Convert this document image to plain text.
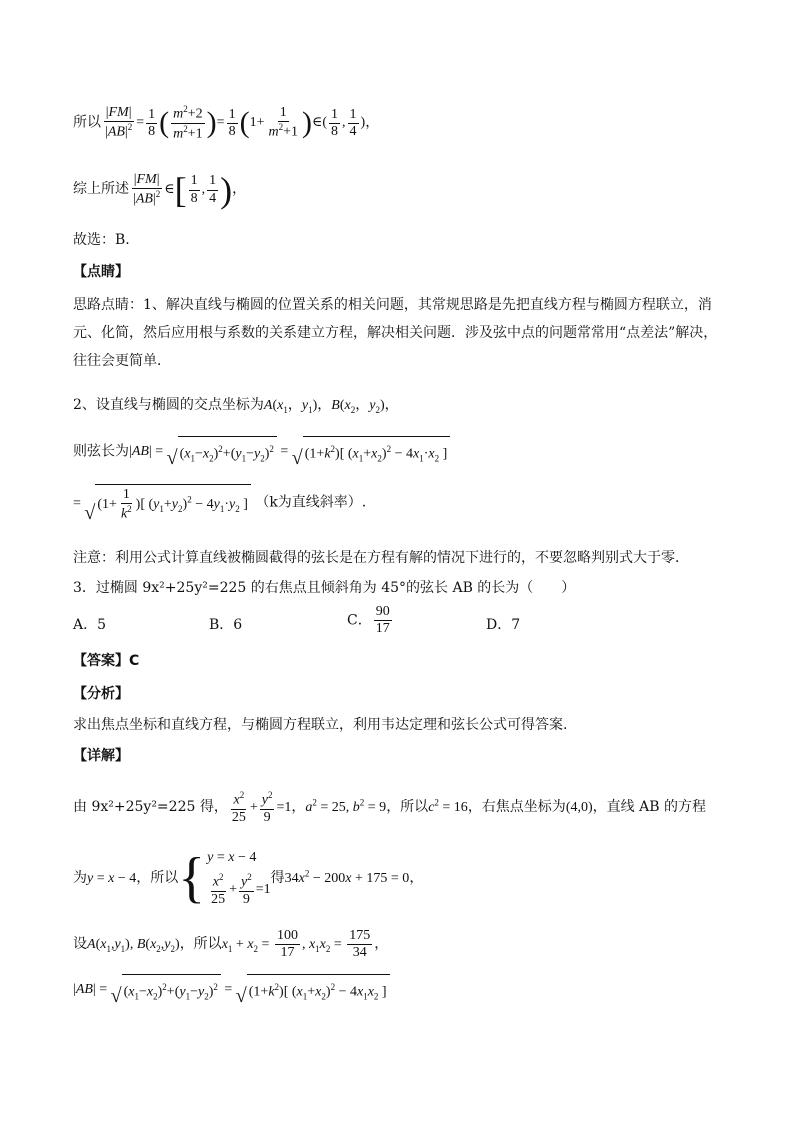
所以 $\frac{|FM|}{|AB|^2} = \frac{1}{8}$ ( $\frac{m^2+2}{m^2+1}$ )= $\frac{1}{8} (1+ \frac{1}{m^2+1}$ )∈( $\frac{1}{8}$ , $\frac{1}{4}$ )，
综上所述 $\frac{|FM|}{|AB|^2}$ ∈[ $\frac{1}{8}$ , $\frac{1}{4}$ )，
故选：B.
【点睛】
思路点睛：1、解决直线与椭圆的位置关系的相关问题，其常规思路是先把直线方程与椭圆方程联立，消元、化简，然后应用根与系数的关系建立方程，解决相关问题．涉及弦中点的问题常常用“点差法”解决，往往会更简单．
2、设直线与椭圆的交点坐标为$A(x_1$，$y_1$)，$B(x_2$，$y_2$)，
则弦长为|AB| = √ $(x_1-x_2)^2+(y_1-y_2)^2$ = √ $(1+k^2)$[ $(x_1+x_2)^2 - 4x_1\cdot x_2$ ]
= √ ($1+ \frac{1}{k^2}$ )[ $(y_1+y_2)^2 - 4y_1\cdot y_2$ ] （k为直线斜率）.
注意：利用公式计算直线被椭圆截得的弦长是在方程有解的情况下进行的，不要忽略判别式大于零．
3．过椭圆 9x²+25y²=225 的右焦点且倾斜角为 45°的弦长 AB 的长为（　　）
A．5	B．6	C． $\frac{90}{17}$	D．7
【答案】C
【分析】
求出焦点坐标和直线方程，与椭圆方程联立，利用韦达定理和弦长公式可得答案.
【详解】
由 9x²+25y²=225 得， $\frac{x^2}{25} + \frac{y^2}{9} =1$，$a^2 = 25$, $b^2 = 9$，所以$c^2 = 16$，右焦点坐标为(4,0)，直线 AB 的方程
为y = x − 4，所以 { y = x − 4
$\frac{x^2}{25} + \frac{y^2}{9} =1$
得$34x^2 - 200x + 175 = 0$，
设$A(x_1,y_1)$, $B(x_2,y_2)$，所以$x_1 + x_2 = \frac{100}{17}$ , $x_1x_2 = \frac{175}{34}$ ，
|AB| = √ $(x_1-x_2)^2+(y_1-y_2)^2$ = √ $(1+k^2)$[ $(x_1+x_2)^2 - 4x_1x_2$ ]
